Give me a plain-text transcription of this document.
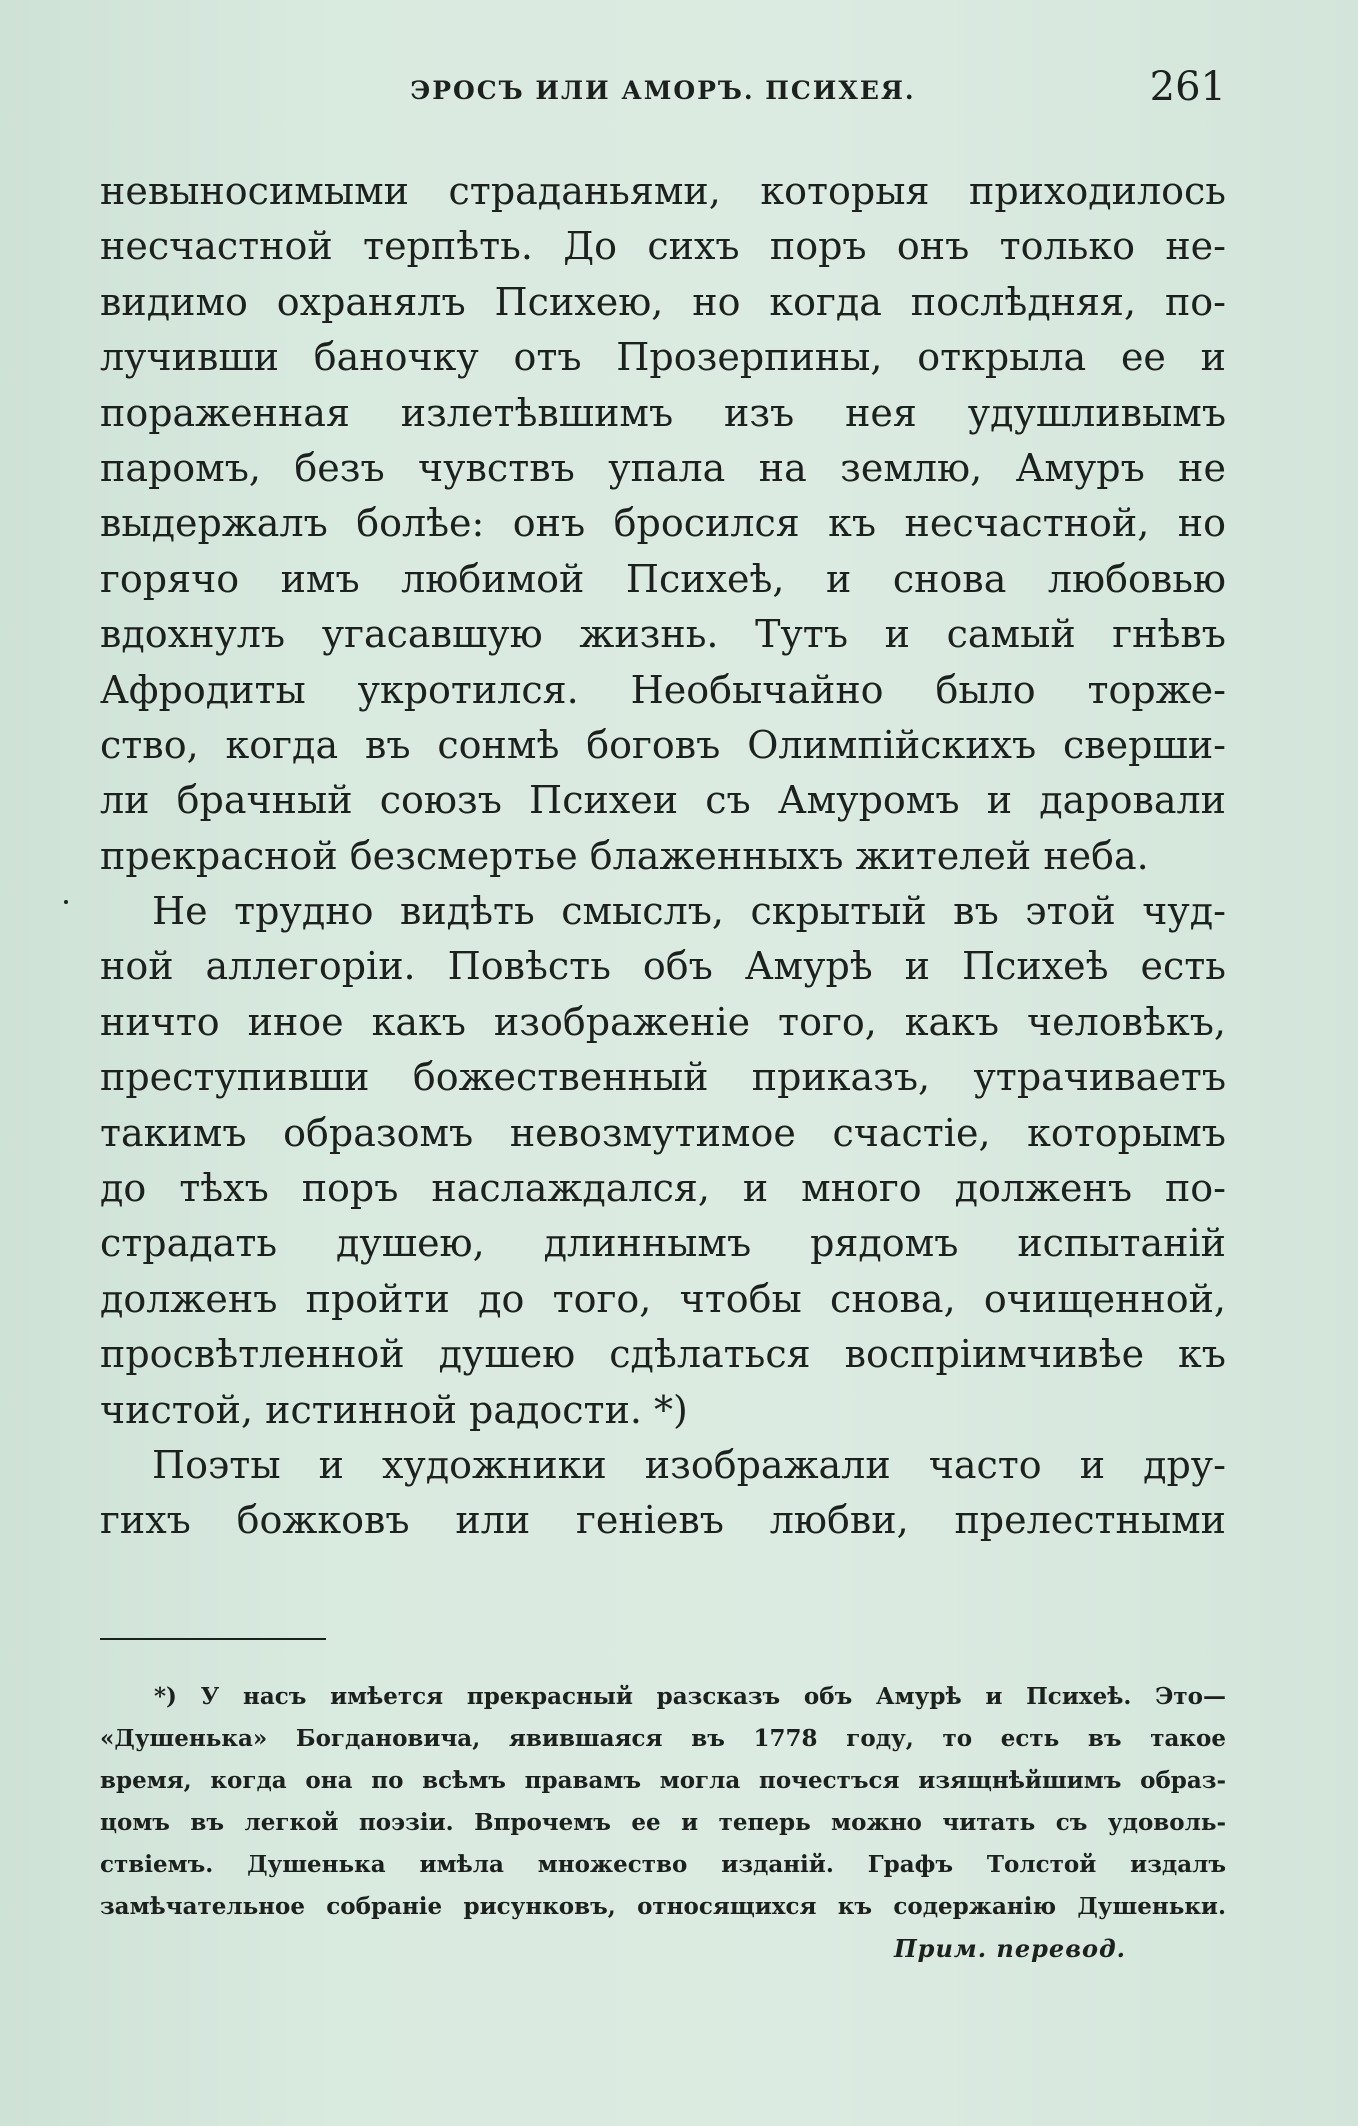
ЭРОСЪ ИЛИ АМОРЪ. ПСИХЕЯ.	261
невыносимыми страданьями, которыя приходилось
несчастной терпѣть. До сихъ поръ онъ только не-
видимо охранялъ Психею, но когда послѣдняя, по-
лучивши баночку отъ Прозерпины, открыла ее и
пораженная излетѣвшимъ изъ нея удушливымъ
паромъ, безъ чувствъ упала на землю, Амуръ не
выдержалъ болѣе: онъ бросился къ несчастной, но
горячо имъ любимой Психеѣ, и снова любовью
вдохнулъ угасавшую жизнь. Тутъ и самый гнѣвъ
Афродиты укротился. Необычайно было торже-
ство, когда въ сонмѣ боговъ Олимпійскихъ сверши-
ли брачный союзъ Психеи съ Амуромъ и даровали
прекрасной безсмертье блаженныхъ жителей неба.
Не трудно видѣть смыслъ, скрытый въ этой чуд-
ной аллегоріи. Повѣсть объ Амурѣ и Психеѣ есть
ничто иное какъ изображеніе того, какъ человѣкъ,
преступивши божественный приказъ, утрачиваетъ
такимъ образомъ невозмутимое счастіе, которымъ
до тѣхъ поръ наслаждался, и много долженъ по-
страдать душею, длиннымъ рядомъ испытаній
долженъ пройти до того, чтобы снова, очищенной,
просвѣтленной душею сдѣлаться воспріимчивѣе къ
чистой, истинной радости. *)
Поэты и художники изображали часто и дру-
гихъ божковъ или геніевъ любви, прелестными
*) У насъ имѣется прекрасный разсказъ объ Амурѣ и Психеѣ. Это—
«Душенька» Богдановича, явившаяся въ 1778 году, то есть въ такое
время, когда она по всѣмъ правамъ могла почестъся изящнѣйшимъ образ-
цомъ въ легкой поэзіи. Впрочемъ ее и теперь можно читать съ удоволь-
ствіемъ. Душенька имѣла множество изданій. Графъ Толстой издалъ
замѣчательное собраніе рисунковъ, относящихся къ содержанію Душеньки.
Прим. перевод.
